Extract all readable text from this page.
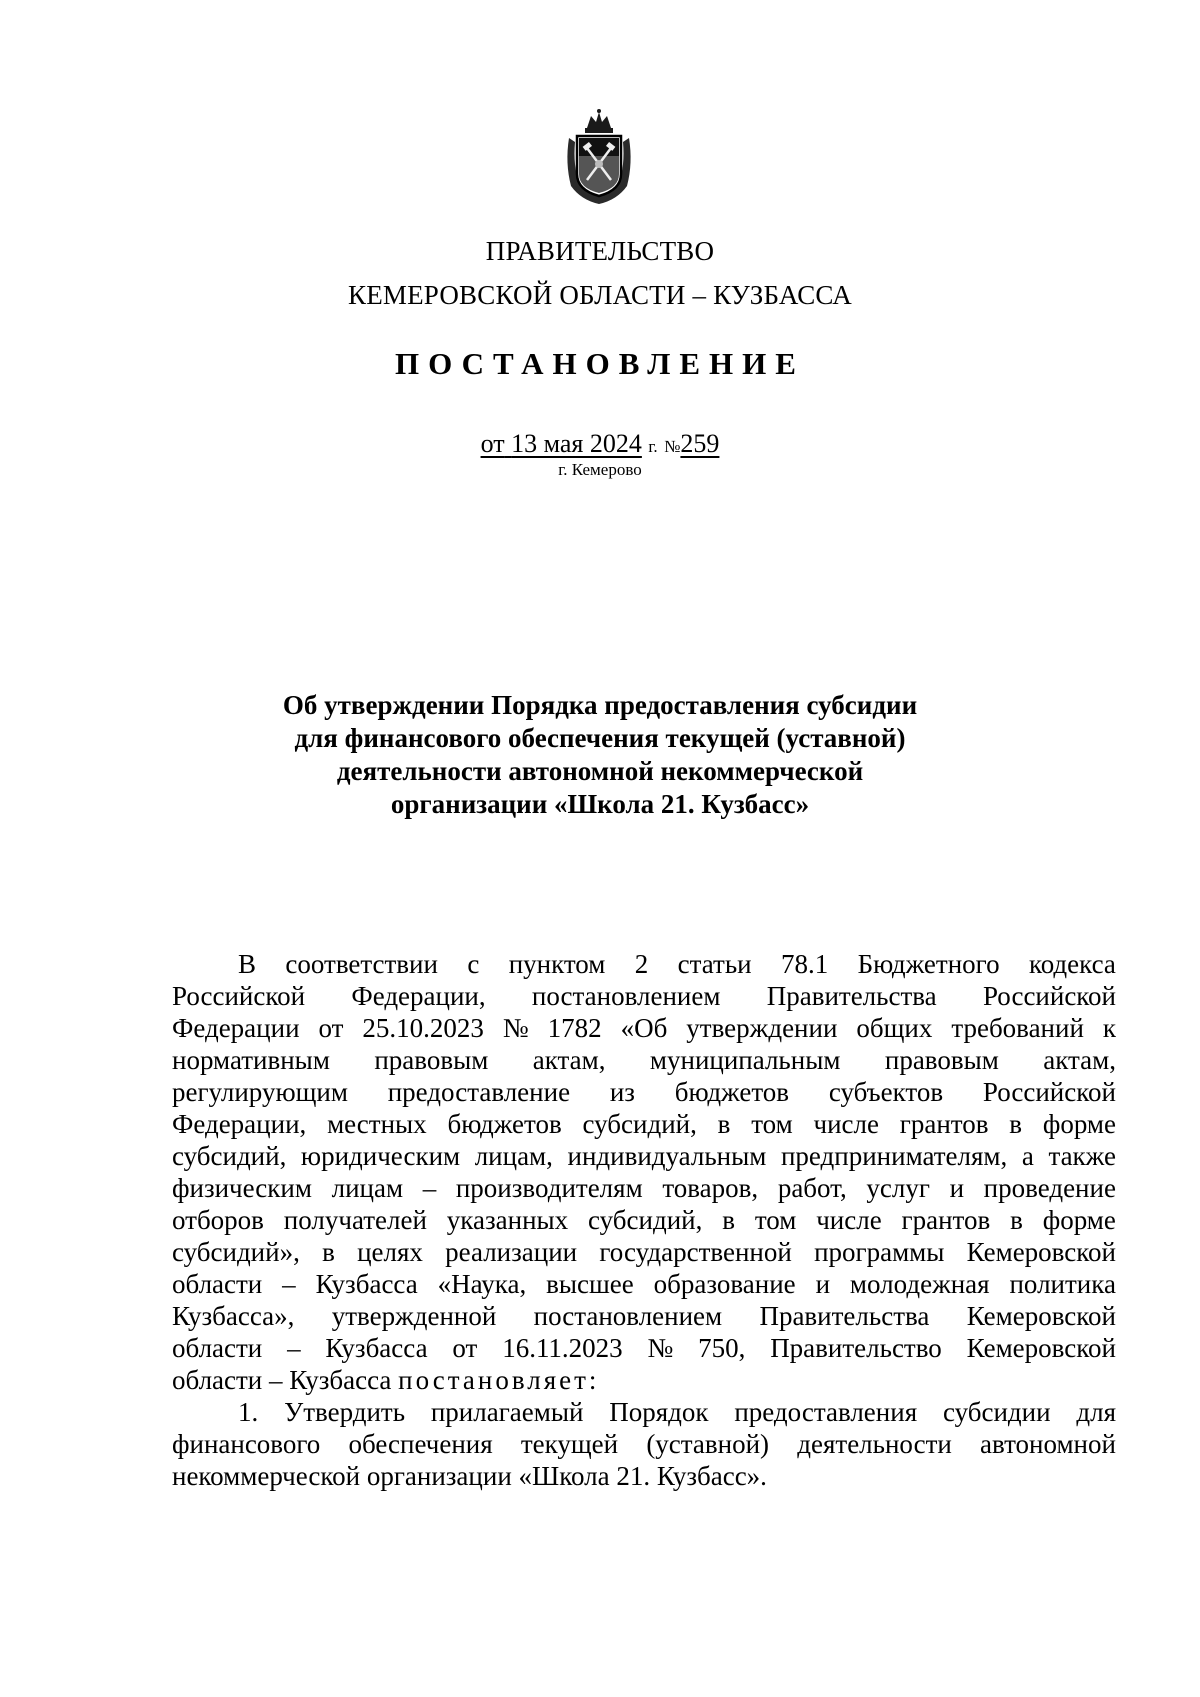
ПРАВИТЕЛЬСТВО
КЕМЕРОВСКОЙ ОБЛАСТИ – КУЗБАССА
ПОСТАНОВЛЕНИЕ
от 13 мая 2024 г. №259
г. Кемерово
Об утверждении Порядка предоставления субсидии
для финансового обеспечения текущей (уставной)
деятельности автономной некоммерческой
организации «Школа 21. Кузбасс»
В соответствии с пунктом 2 статьи 78.1 Бюджетного кодекса
Российской Федерации, постановлением Правительства Российской
Федерации от 25.10.2023 № 1782 «Об утверждении общих требований к
нормативным правовым актам, муниципальным правовым актам,
регулирующим предоставление из бюджетов субъектов Российской
Федерации, местных бюджетов субсидий, в том числе грантов в форме
субсидий, юридическим лицам, индивидуальным предпринимателям, а также
физическим лицам – производителям товаров, работ, услуг и проведение
отборов получателей указанных субсидий, в том числе грантов в форме
субсидий», в целях реализации государственной программы Кемеровской
области – Кузбасса «Наука, высшее образование и молодежная политика
Кузбасса», утвержденной постановлением Правительства Кемеровской
области – Кузбасса от 16.11.2023 № 750, Правительство Кемеровской
области – Кузбасса
постановляет:
1. Утвердить прилагаемый Порядок предоставления субсидии для
финансового обеспечения текущей (уставной) деятельности автономной
некоммерческой организации «Школа 21. Кузбасс».
